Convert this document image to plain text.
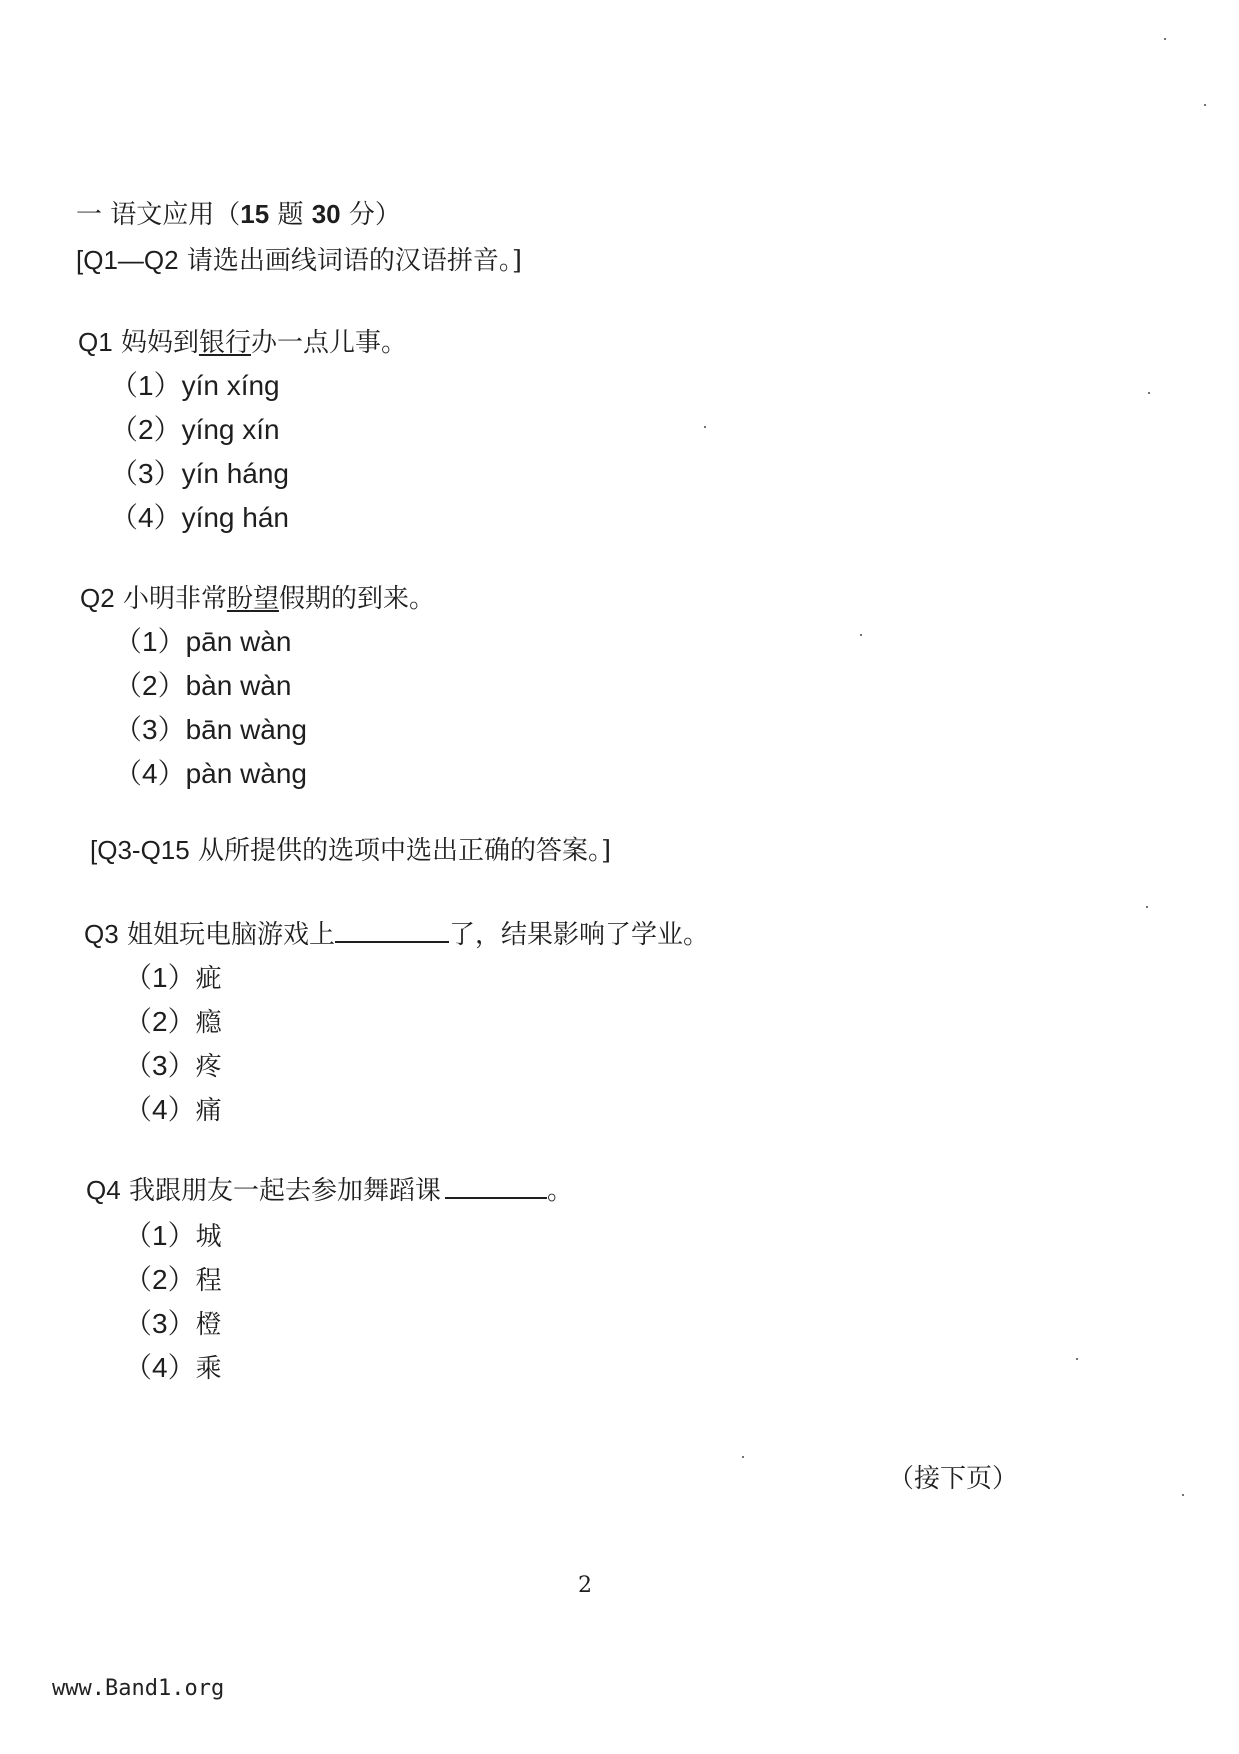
一 语文应用（15 题 30 分）
[Q1—Q2 请选出画线词语的汉语拼音。]
Q1 妈妈到银行办一点儿事。
（1）yín xíng
（2）yíng xín
（3）yín háng
（4）yíng hán
Q2 小明非常盼望假期的到来。
（1）pān wàn
（2）bàn wàn
（3）bān wàng
（4）pàn wàng
[Q3-Q15 从所提供的选项中选出正确的答案。]
Q3 姐姐玩电脑游戏上	了，结果影响了学业。
（1）疵
（2）瘾
（3）疼
（4）痛
Q4 我跟朋友一起去参加舞蹈课	。
（1）城
（2）程
（3）橙
（4）乘
（接下页）
2
www.Band1.org
